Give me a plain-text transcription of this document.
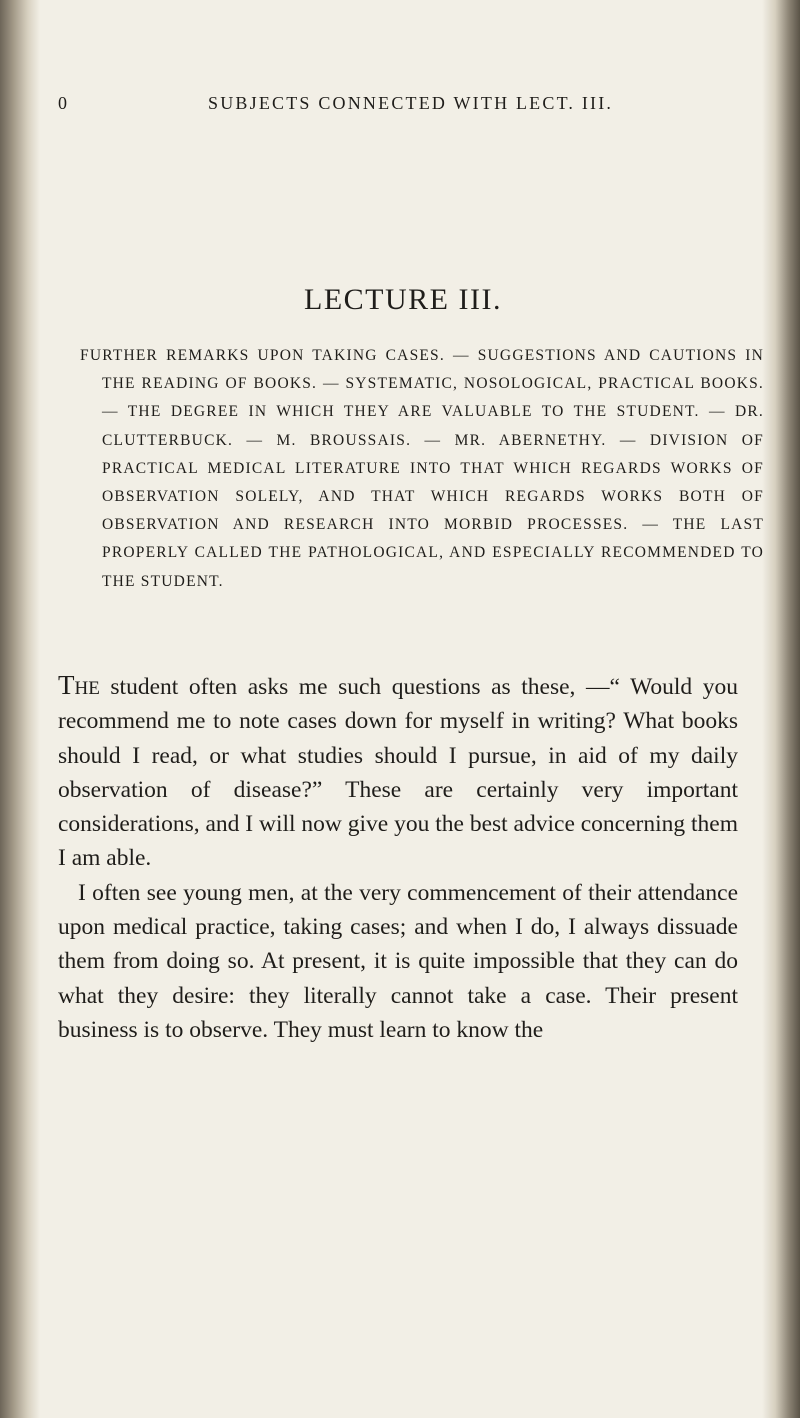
0	SUBJECTS CONNECTED WITH LECT. III.
LECTURE III.
FURTHER REMARKS UPON TAKING CASES. — SUGGESTIONS AND CAUTIONS IN THE READING OF BOOKS. — SYSTEMATIC, NOSOLOGICAL, PRACTICAL BOOKS. — THE DEGREE IN WHICH THEY ARE VALUABLE TO THE STUDENT. — DR. CLUTTERBUCK. — M. BROUSSAIS. — MR. ABERNETHY. — DIVISION OF PRACTICAL MEDICAL LITERATURE INTO THAT WHICH REGARDS WORKS OF OBSERVATION SOLELY, AND THAT WHICH REGARDS WORKS BOTH OF OBSERVATION AND RESEARCH INTO MORBID PROCESSES. — THE LAST PROPERLY CALLED THE PATHOLOGICAL, AND ESPECIALLY RECOMMENDED TO THE STUDENT.

The student often asks me such questions as these, —“ Would you recommend me to note cases down for myself in writing? What books should I read, or what studies should I pursue, in aid of my daily observation of disease?” These are certainly very important considerations, and I will now give you the best advice concerning them I am able.

I often see young men, at the very commencement of their attendance upon medical practice, taking cases; and when I do, I always dissuade them from doing so. At present, it is quite impossible that they can do what they desire: they literally cannot take a case. Their present business is to observe. They must learn to know the
